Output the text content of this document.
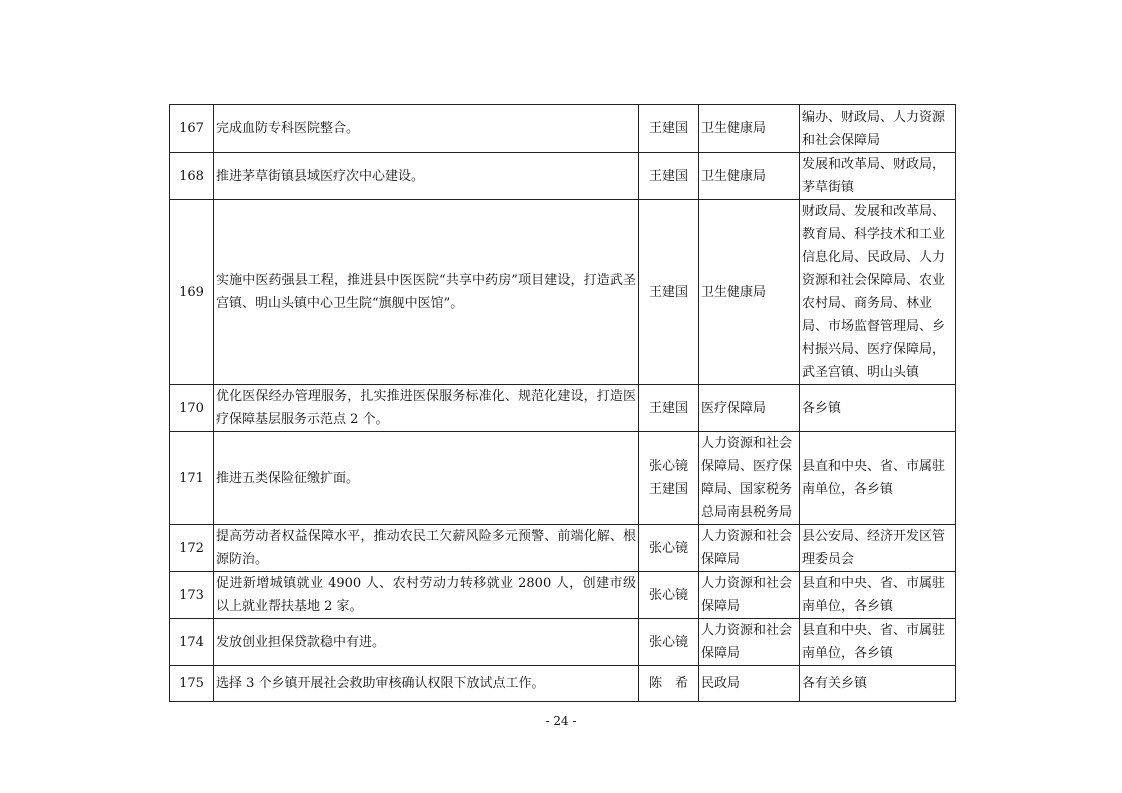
167	完成血防专科医院整合。	王建国	卫生健康局	编办、财政局、人力资源和社会保障局
168	推进茅草街镇县域医疗次中心建设。	王建国	卫生健康局	发展和改革局、财政局，茅草街镇
169	实施中医药强县工程，推进县中医医院“共享中药房”项目建设，打造武圣宫镇、明山头镇中心卫生院“旗舰中医馆”。	王建国	卫生健康局	财政局、发展和改革局、教育局、科学技术和工业信息化局、民政局、人力资源和社会保障局、农业农村局、商务局、林业局、市场监督管理局、乡村振兴局、医疗保障局，武圣宫镇、明山头镇
170	优化医保经办管理服务，扎实推进医保服务标准化、规范化建设，打造医疗保障基层服务示范点 2 个。	王建国	医疗保障局	各乡镇
171	推进五类保险征缴扩面。	张心镜 王建国	人力资源和社会保障局、医疗保障局、国家税务总局南县税务局	县直和中央、省、市属驻南单位，各乡镇
172	提高劳动者权益保障水平，推动农民工欠薪风险多元预警、前端化解、根源防治。	张心镜	人力资源和社会保障局	县公安局、经济开发区管理委员会
173	促进新增城镇就业 4900 人、农村劳动力转移就业 2800 人，创建市级以上就业帮扶基地 2 家。	张心镜	人力资源和社会保障局	县直和中央、省、市属驻南单位，各乡镇
174	发放创业担保贷款稳中有进。	张心镜	人力资源和社会保障局	县直和中央、省、市属驻南单位，各乡镇
175	选择 3 个乡镇开展社会救助审核确认权限下放试点工作。	陈　希	民政局	各有关乡镇
- 24 -
